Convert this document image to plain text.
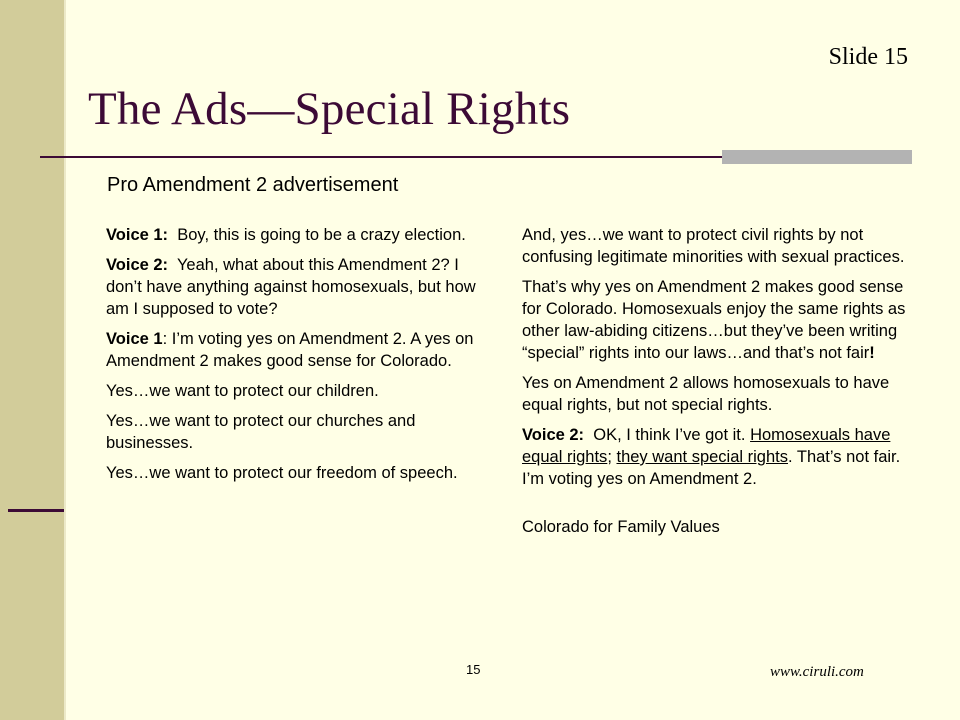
Slide 15
The Ads—Special Rights
Pro Amendment 2 advertisement

Voice 1: Boy, this is going to be a crazy election.

Voice 2: Yeah, what about this Amendment 2? I don’t have anything against homosexuals, but how am I supposed to vote?

Voice 1: I’m voting yes on Amendment 2. A yes on Amendment 2 makes good sense for Colorado.

Yes…we want to protect our children.

Yes…we want to protect our churches and businesses.

Yes…we want to protect our freedom of speech.

And, yes…we want to protect civil rights by not confusing legitimate minorities with sexual practices.

That’s why yes on Amendment 2 makes good sense for Colorado. Homosexuals enjoy the same rights as other law-abiding citizens…but they’ve been writing “special” rights into our laws…and that’s not fair!

Yes on Amendment 2 allows homosexuals to have equal rights, but not special rights.

Voice 2: OK, I think I’ve got it. Homosexuals have equal rights; they want special rights. That’s not fair. I’m voting yes on Amendment 2.

Colorado for Family Values

15	www.ciruli.com
